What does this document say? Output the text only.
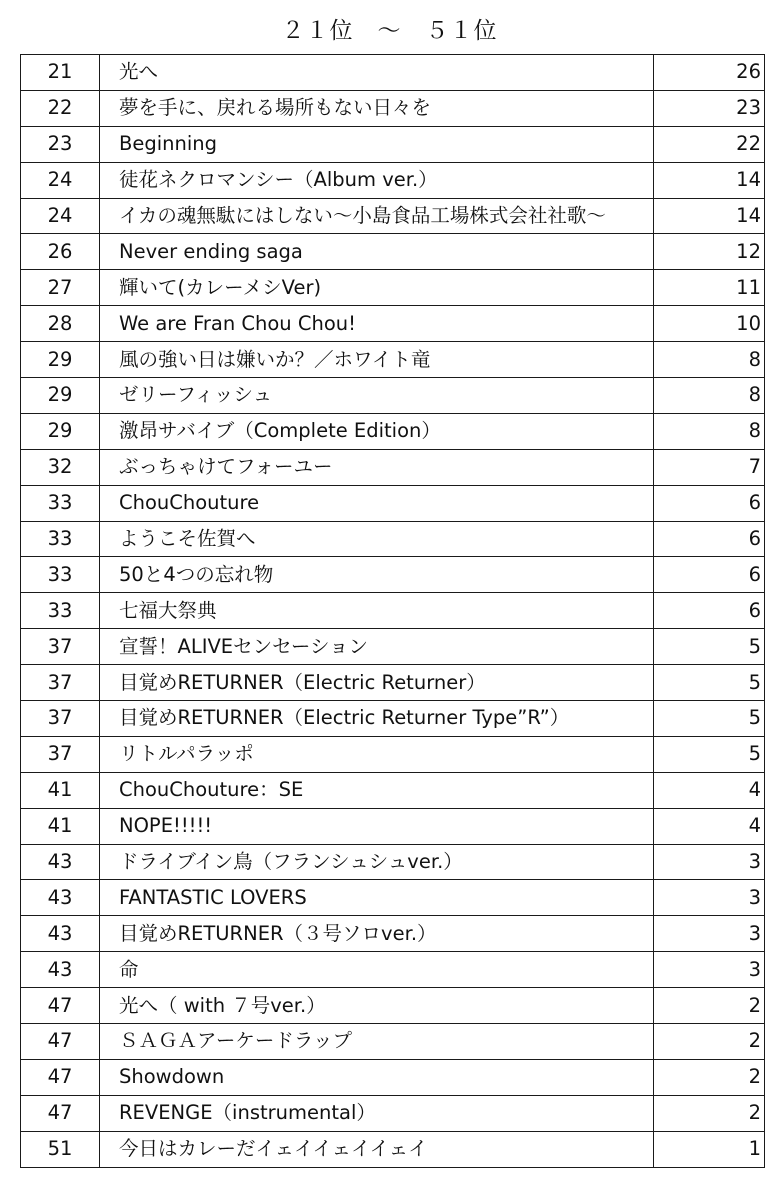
２１位　～　５１位
21	光へ	26
22	夢を手に、戻れる場所もない日々を	23
23	Beginning	22
24	徒花ネクロマンシー（Album ver.）	14
24	イカの魂無駄にはしない～小島食品工場株式会社社歌～	14
26	Never ending saga	12
27	輝いて(カレーメシVer)	11
28	We are Fran Chou Chou!	10
29	風の強い日は嫌いか？／ホワイト竜	8
29	ゼリーフィッシュ	8
29	激昂サバイブ（Complete Edition）	8
32	ぶっちゃけてフォーユー	7
33	ChouChouture	6
33	ようこそ佐賀へ	6
33	50と4つの忘れ物	6
33	七福大祭典	6
37	宣誓！ALIVEセンセーション	5
37	目覚めRETURNER（Electric Returner）	5
37	目覚めRETURNER（Electric Returner Type”R”）	5
37	リトルパラッポ	5
41	ChouChouture：SE	4
41	NOPE!!!!!	4
43	ドライブイン鳥（フランシュシュver.）	3
43	FANTASTIC LOVERS	3
43	目覚めRETURNER（３号ソロver.）	3
43	命	3
47	光へ（ with ７号ver.）	2
47	ＳＡＧＡアーケードラップ	2
47	Showdown	2
47	REVENGE（instrumental）	2
51	今日はカレーだイェイイェイイェイ	1
